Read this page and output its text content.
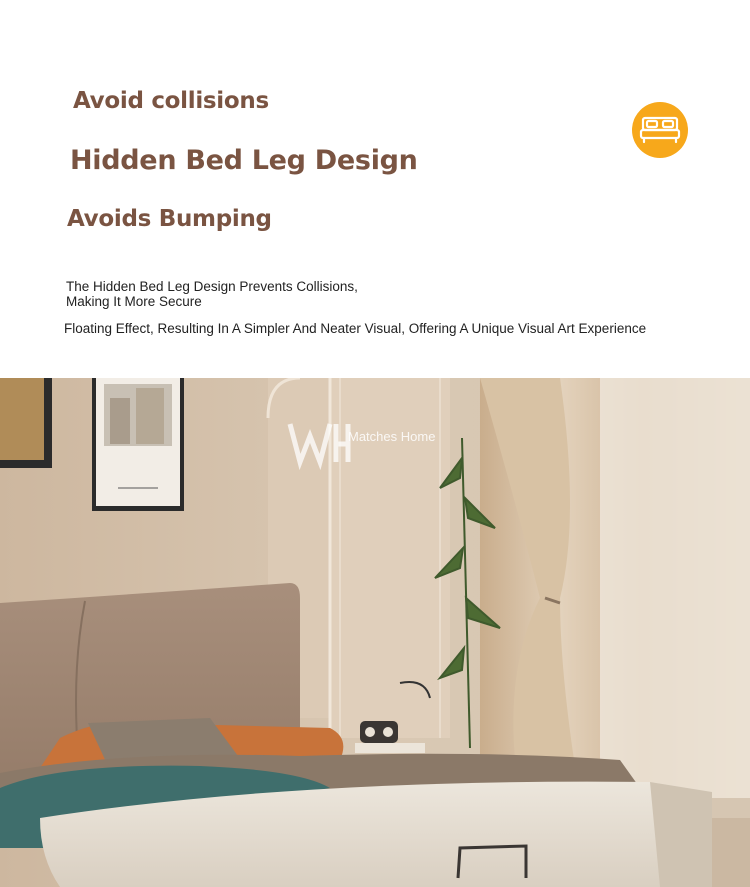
Avoid collisions
Hidden Bed Leg Design
Avoids Bumping
The Hidden Bed Leg Design Prevents Collisions,
Making It More Secure
Floating Effect, Resulting In A Simpler And Neater Visual, Offering A Unique Visual Art Experience
Matches Home
